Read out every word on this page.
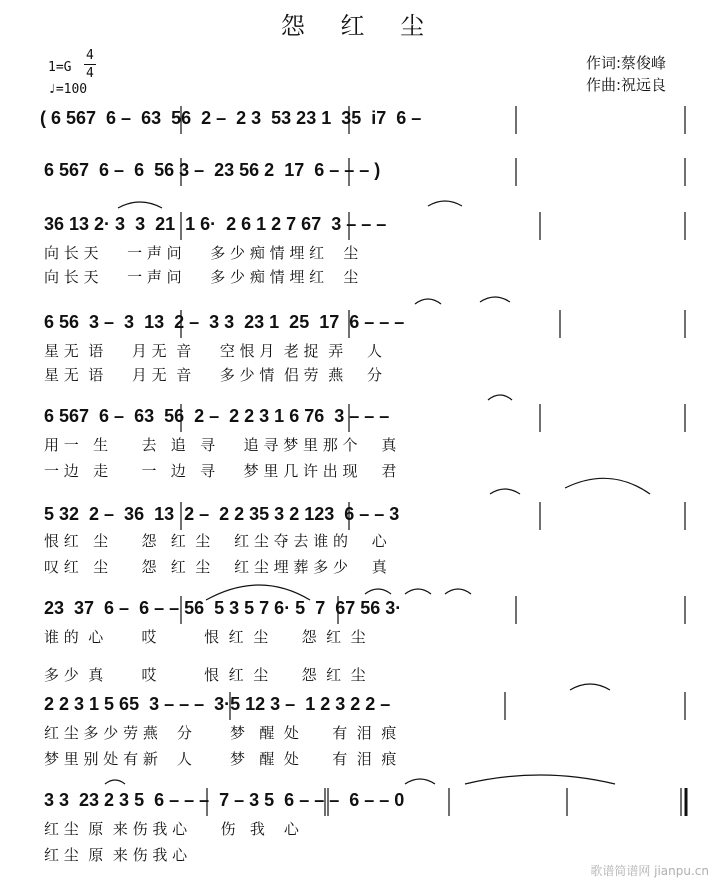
怨 红 尘
1=G
4
4
♩=100
作词:蔡俊峰
作曲:祝远良
( 6 567  6 –  63  56  2 –  2 3  53 23 1  35  i7  6 –
6 567  6 –  6  56 3 –  23 56 2  17  6 – – – )
36 13 2· 3  3  21  1 6·  2 6 1 2 7 67  3 – – –
向 长 天      一 声 问      多 少 痴 情 埋 红    尘
向 长 天      一 声 问      多 少 痴 情 埋 红    尘
6 56  3 –  3  13  2 –  3 3  23 1  25  17  6 – – –
星 无  语      月 无  音      空 恨 月  老 捉  弄     人
星 无  语      月 无  音      多 少 情  侣 劳  燕     分
6 567  6 –  63  56  2 –  2 2 3 1 6 76  3 – – –
用 一   生       去   追   寻      追 寻 梦 里 那 个     真
一 边   走       一   边   寻      梦 里 几 许 出 现     君
5 32  2 –  36  13  2 –  2 2 35 3 2 123  6 – – 3
恨 红   尘       怨   红  尘     红 尘 夺 去 谁 的     心
叹 红   尘       怨   红  尘     红 尘 埋 葬 多 少     真
23  37  6 –  6 – – 56  5 3 5 7 6· 5  7  67 56 3·
谁 的  心        哎          恨  红  尘       怨  红  尘
多 少  真        哎          恨  红  尘       怨  红  尘
2 2 3 1 5 65  3 – – –  3·5 12 3 –  1 2 3 2 2 –
红 尘 多 少 劳 燕    分        梦   醒  处       有  泪  痕
梦 里 别 处 有 新    人        梦   醒  处       有  泪  痕
3 3  23 2 3 5  6 – – –  7 – 3 5  6 – – –  6 – – 0
红 尘  原  来 伤 我 心       伤   我    心
红 尘  原  来 伤 我 心
歌谱简谱网 jianpu.cn
